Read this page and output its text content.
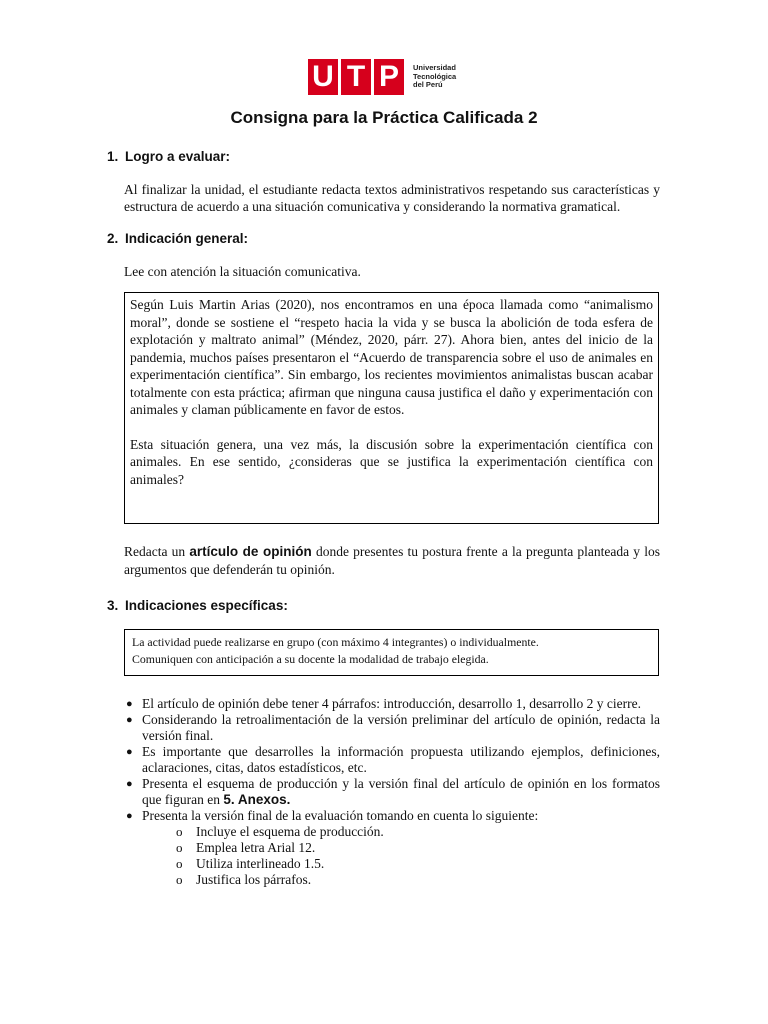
U T P	Universidad
Tecnológica
del Perú
Consigna para la Práctica Calificada 2
1. Logro a evaluar:
Al finalizar la unidad, el estudiante redacta textos administrativos respetando sus características y estructura de acuerdo a una situación comunicativa y considerando la normativa gramatical.
2. Indicación general:
Lee con atención la situación comunicativa.

Según Luis Martin Arias (2020), nos encontramos en una época llamada como “animalismo moral”, donde se sostiene el “respeto hacia la vida y se busca la abolición de toda esfera de explotación y maltrato animal” (Méndez, 2020, párr. 27). Ahora bien, antes del inicio de la pandemia, muchos países presentaron el “Acuerdo de transparencia sobre el uso de animales en experimentación científica”. Sin embargo, los recientes movimientos animalistas buscan acabar totalmente con esta práctica; afirman que ninguna causa justifica el daño y experimentación con animales y claman públicamente en favor de estos.

Esta situación genera, una vez más, la discusión sobre la experimentación científica con animales. En ese sentido, ¿consideras que se justifica la experimentación científica con animales?

Redacta un artículo de opinión donde presentes tu postura frente a la pregunta planteada y los argumentos que defenderán tu opinión.
3. Indicaciones específicas:
La actividad puede realizarse en grupo (con máximo 4 integrantes) o individualmente.
Comuniquen con anticipación a su docente la modalidad de trabajo elegida.
● El artículo de opinión debe tener 4 párrafos: introducción, desarrollo 1, desarrollo 2 y cierre.
● Considerando la retroalimentación de la versión preliminar del artículo de opinión, redacta la versión final.
● Es importante que desarrolles la información propuesta utilizando ejemplos, definiciones, aclaraciones, citas, datos estadísticos, etc.
● Presenta el esquema de producción y la versión final del artículo de opinión en los formatos que figuran en 5. Anexos.
● Presenta la versión final de la evaluación tomando en cuenta lo siguiente:
o Incluye el esquema de producción.
o Emplea letra Arial 12.
o Utiliza interlineado 1.5.
o Justifica los párrafos.
